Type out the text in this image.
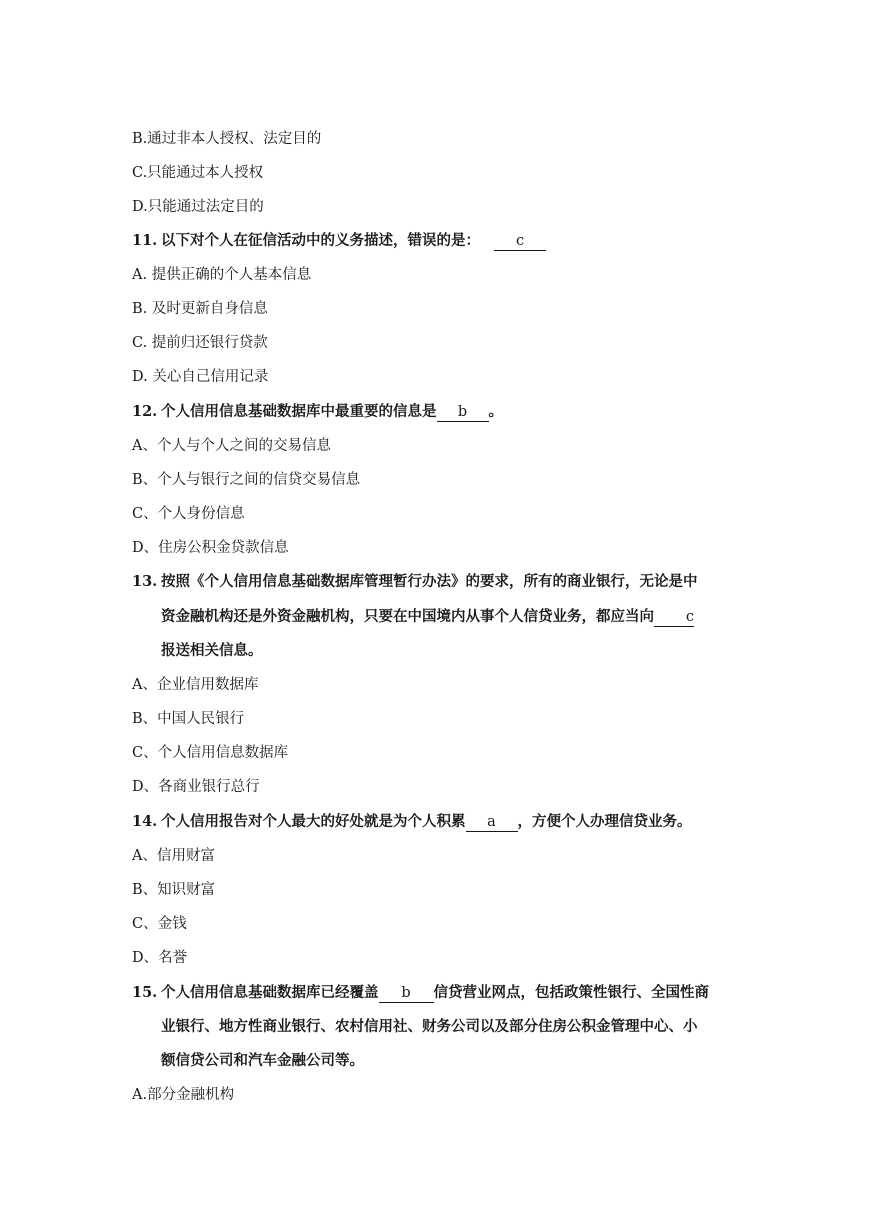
B.通过非本人授权、法定目的
C.只能通过本人授权
D.只能通过法定目的
11. 以下对个人在征信活动中的义务描述，错误的是： c
A. 提供正确的个人基本信息
B. 及时更新自身信息
C. 提前归还银行贷款
D. 关心自己信用记录
12. 个人信用信息基础数据库中最重要的信息是 b 。
A、个人与个人之间的交易信息
B、个人与银行之间的信贷交易信息
C、个人身份信息
D、住房公积金贷款信息
13. 按照《个人信用信息基础数据库管理暂行办法》的要求，所有的商业银行，无论是中
资金融机构还是外资金融机构，只要在中国境内从事个人信贷业务，都应当向 c
报送相关信息。
A、企业信用数据库
B、中国人民银行
C、个人信用信息数据库
D、各商业银行总行
14. 个人信用报告对个人最大的好处就是为个人积累 a ，方便个人办理信贷业务。
A、信用财富
B、知识财富
C、金钱
D、名誉
15. 个人信用信息基础数据库已经覆盖 b 信贷营业网点，包括政策性银行、全国性商
业银行、地方性商业银行、农村信用社、财务公司以及部分住房公积金管理中心、小
额信贷公司和汽车金融公司等。
A.部分金融机构
